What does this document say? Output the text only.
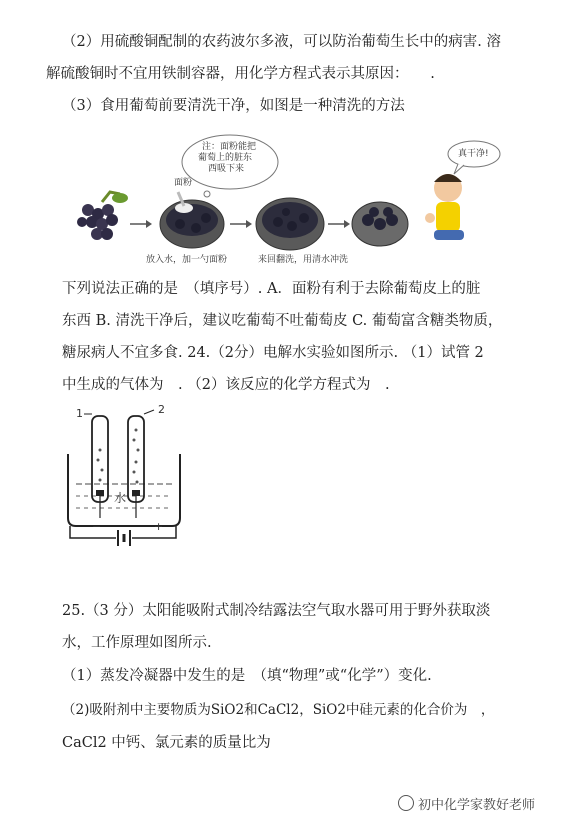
（2）用硫酸铜配制的农药波尔多液，可以防治葡萄生长中的病害. 溶
解硫酸铜时不宜用铁制容器，用化学方程式表示其原因：　　.
（3）食用葡萄前要清洗干净，如图是一种清洗的方法
注：面粉能把
葡萄上的脏东
西吸下来
面粉
真干净!
放入水，加一勺面粉	来回翻洗，用清水冲洗
下列说法正确的是　（填序号）. A．面粉有利于去除葡萄皮上的脏
东西 B. 清洗干净后，建议吃葡萄不吐葡萄皮 C. 葡萄富含糖类物质，
糖尿病人不宜多食. 24.（2分）电解水实验如图所示. （1）试管 2
中生成的气体为　. （2）该反应的化学方程式为　.
1	2
水
−	+
25.（3 分）太阳能吸附式制冷结露法空气取水器可用于野外获取淡
水，工作原理如图所示.
（1）蒸发冷凝器中发生的是　（填“物理”或“化学”）变化.
（2)吸附剂中主要物质为SiO2和CaCl2，SiO2中硅元素的化合价为　，
CaCl2 中钙、氯元素的质量比为
初中化学家教好老师
